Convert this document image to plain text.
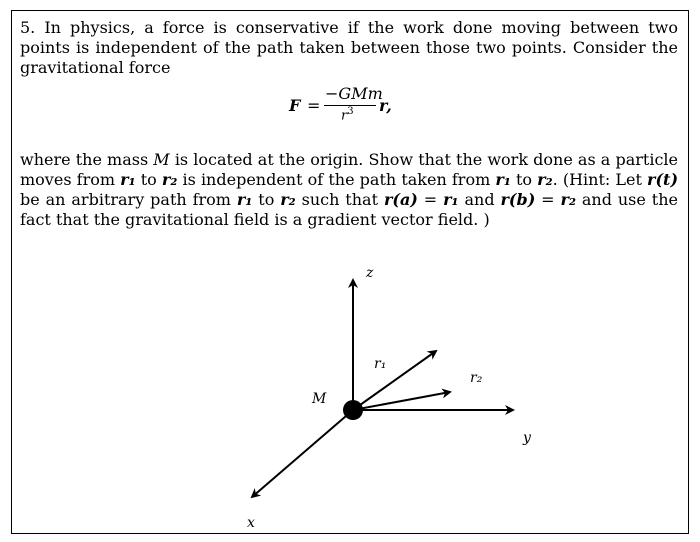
5. In physics, a force is conservative if the work done moving between two points is independent of the path taken between those two points. Consider the gravitational force

F =
−GMm
$r^3$ r,

where the mass M is located at the origin. Show that the work done as a particle moves from r₁ to r₂ is independent of the path taken from r₁ to r₂. (Hint: Let r(t) be an arbitrary path from r₁ to r₂ such that r(a) = r₁ and r(b) = r₂ and use the fact that the gravitational field is a gradient vector field. )

z
y
x
M
r₁
r₂
